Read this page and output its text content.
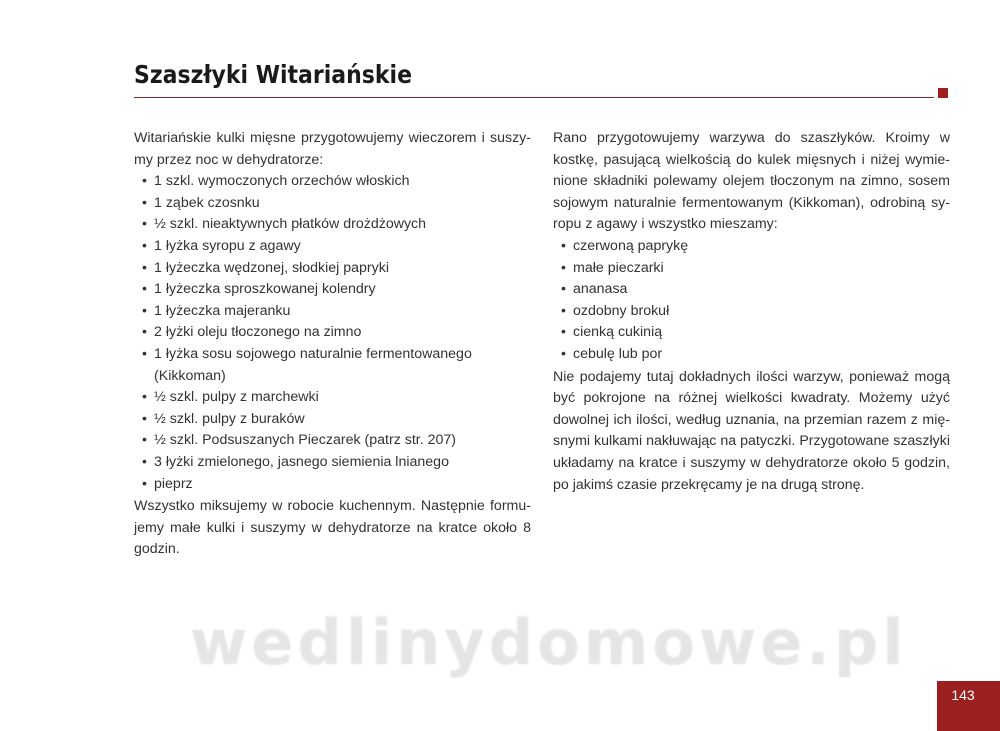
Szaszłyki Witariańskie

Witariańskie kulki mięsne przygotowujemy wieczorem i suszymy przez noc w dehydratorze:

• 1 szkl. wymoczonych orzechów włoskich
• 1 ząbek czosnku
• ½ szkl. nieaktywnych płatków drożdżowych
• 1 łyżka syropu z agawy
• 1 łyżeczka wędzonej, słodkiej papryki
• 1 łyżeczka sproszkowanej kolendry
• 1 łyżeczka majeranku
• 2 łyżki oleju tłoczonego na zimno
• 1 łyżka sosu sojowego naturalnie fermentowanego (Kikkoman)
• ½ szkl. pulpy z marchewki
• ½ szkl. pulpy z buraków
• ½ szkl. Podsuszanych Pieczarek (patrz str. 207)
• 3 łyżki zmielonego, jasnego siemienia lnianego
• pieprz

Wszystko miksujemy w robocie kuchennym. Następnie formujemy małe kulki i suszymy w dehydratorze na kratce około 8 godzin.

Rano przygotowujemy warzywa do szaszłyków. Kroimy w kostkę, pasującą wielkością do kulek mięsnych i niżej wymienione składniki polewamy olejem tłoczonym na zimno, sosem sojowym naturalnie fermentowanym (Kikkoman), odrobiną syropu z agawy i wszystko mieszamy:

• czerwoną paprykę
• małe pieczarki
• ananasa
• ozdobny brokuł
• cienką cukinią
• cebulę lub por

Nie podajemy tutaj dokładnych ilości warzyw, ponieważ mogą być pokrojone na różnej wielkości kwadraty. Możemy użyć dowolnej ich ilości, według uznania, na przemian razem z mięsnymi kulkami nakłuwając na patyczki. Przygotowane szaszłyki układamy na kratce i suszymy w dehydratorze około 5 godzin, po jakimś czasie przekręcamy je na drugą stronę.

wedlinydomowe.pl
143
